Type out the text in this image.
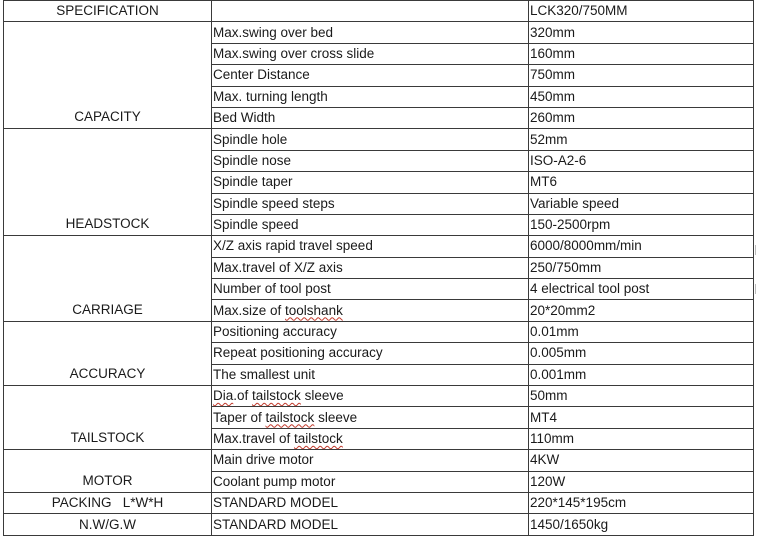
SPECIFICATION		LCK320/750MM
CAPACITY	Max.swing over bed	320mm
	Max.swing over cross slide	160mm
	Center Distance	750mm
	Max. turning length	450mm
	Bed Width	260mm
HEADSTOCK	Spindle hole	52mm
	Spindle nose	ISO-A2-6
	Spindle taper	MT6
	Spindle speed steps	Variable speed
	Spindle speed	150-2500rpm
CARRIAGE	X/Z axis rapid travel speed	6000/8000mm/min
	Max.travel of X/Z axis	250/750mm
	Number of tool post	4 electrical tool post
	Max.size of toolshank	20*20mm2
ACCURACY	Positioning accuracy	0.01mm
	Repeat positioning accuracy	0.005mm
	The smallest unit	0.001mm
TAILSTOCK	Dia.of tailstock sleeve	50mm
	Taper of tailstock sleeve	MT4
	Max.travel of tailstock	110mm
MOTOR	Main drive motor	4KW
	Coolant pump motor	120W
PACKING   L*W*H	STANDARD MODEL	220*145*195cm
N.W/G.W	STANDARD MODEL	1450/1650kg
